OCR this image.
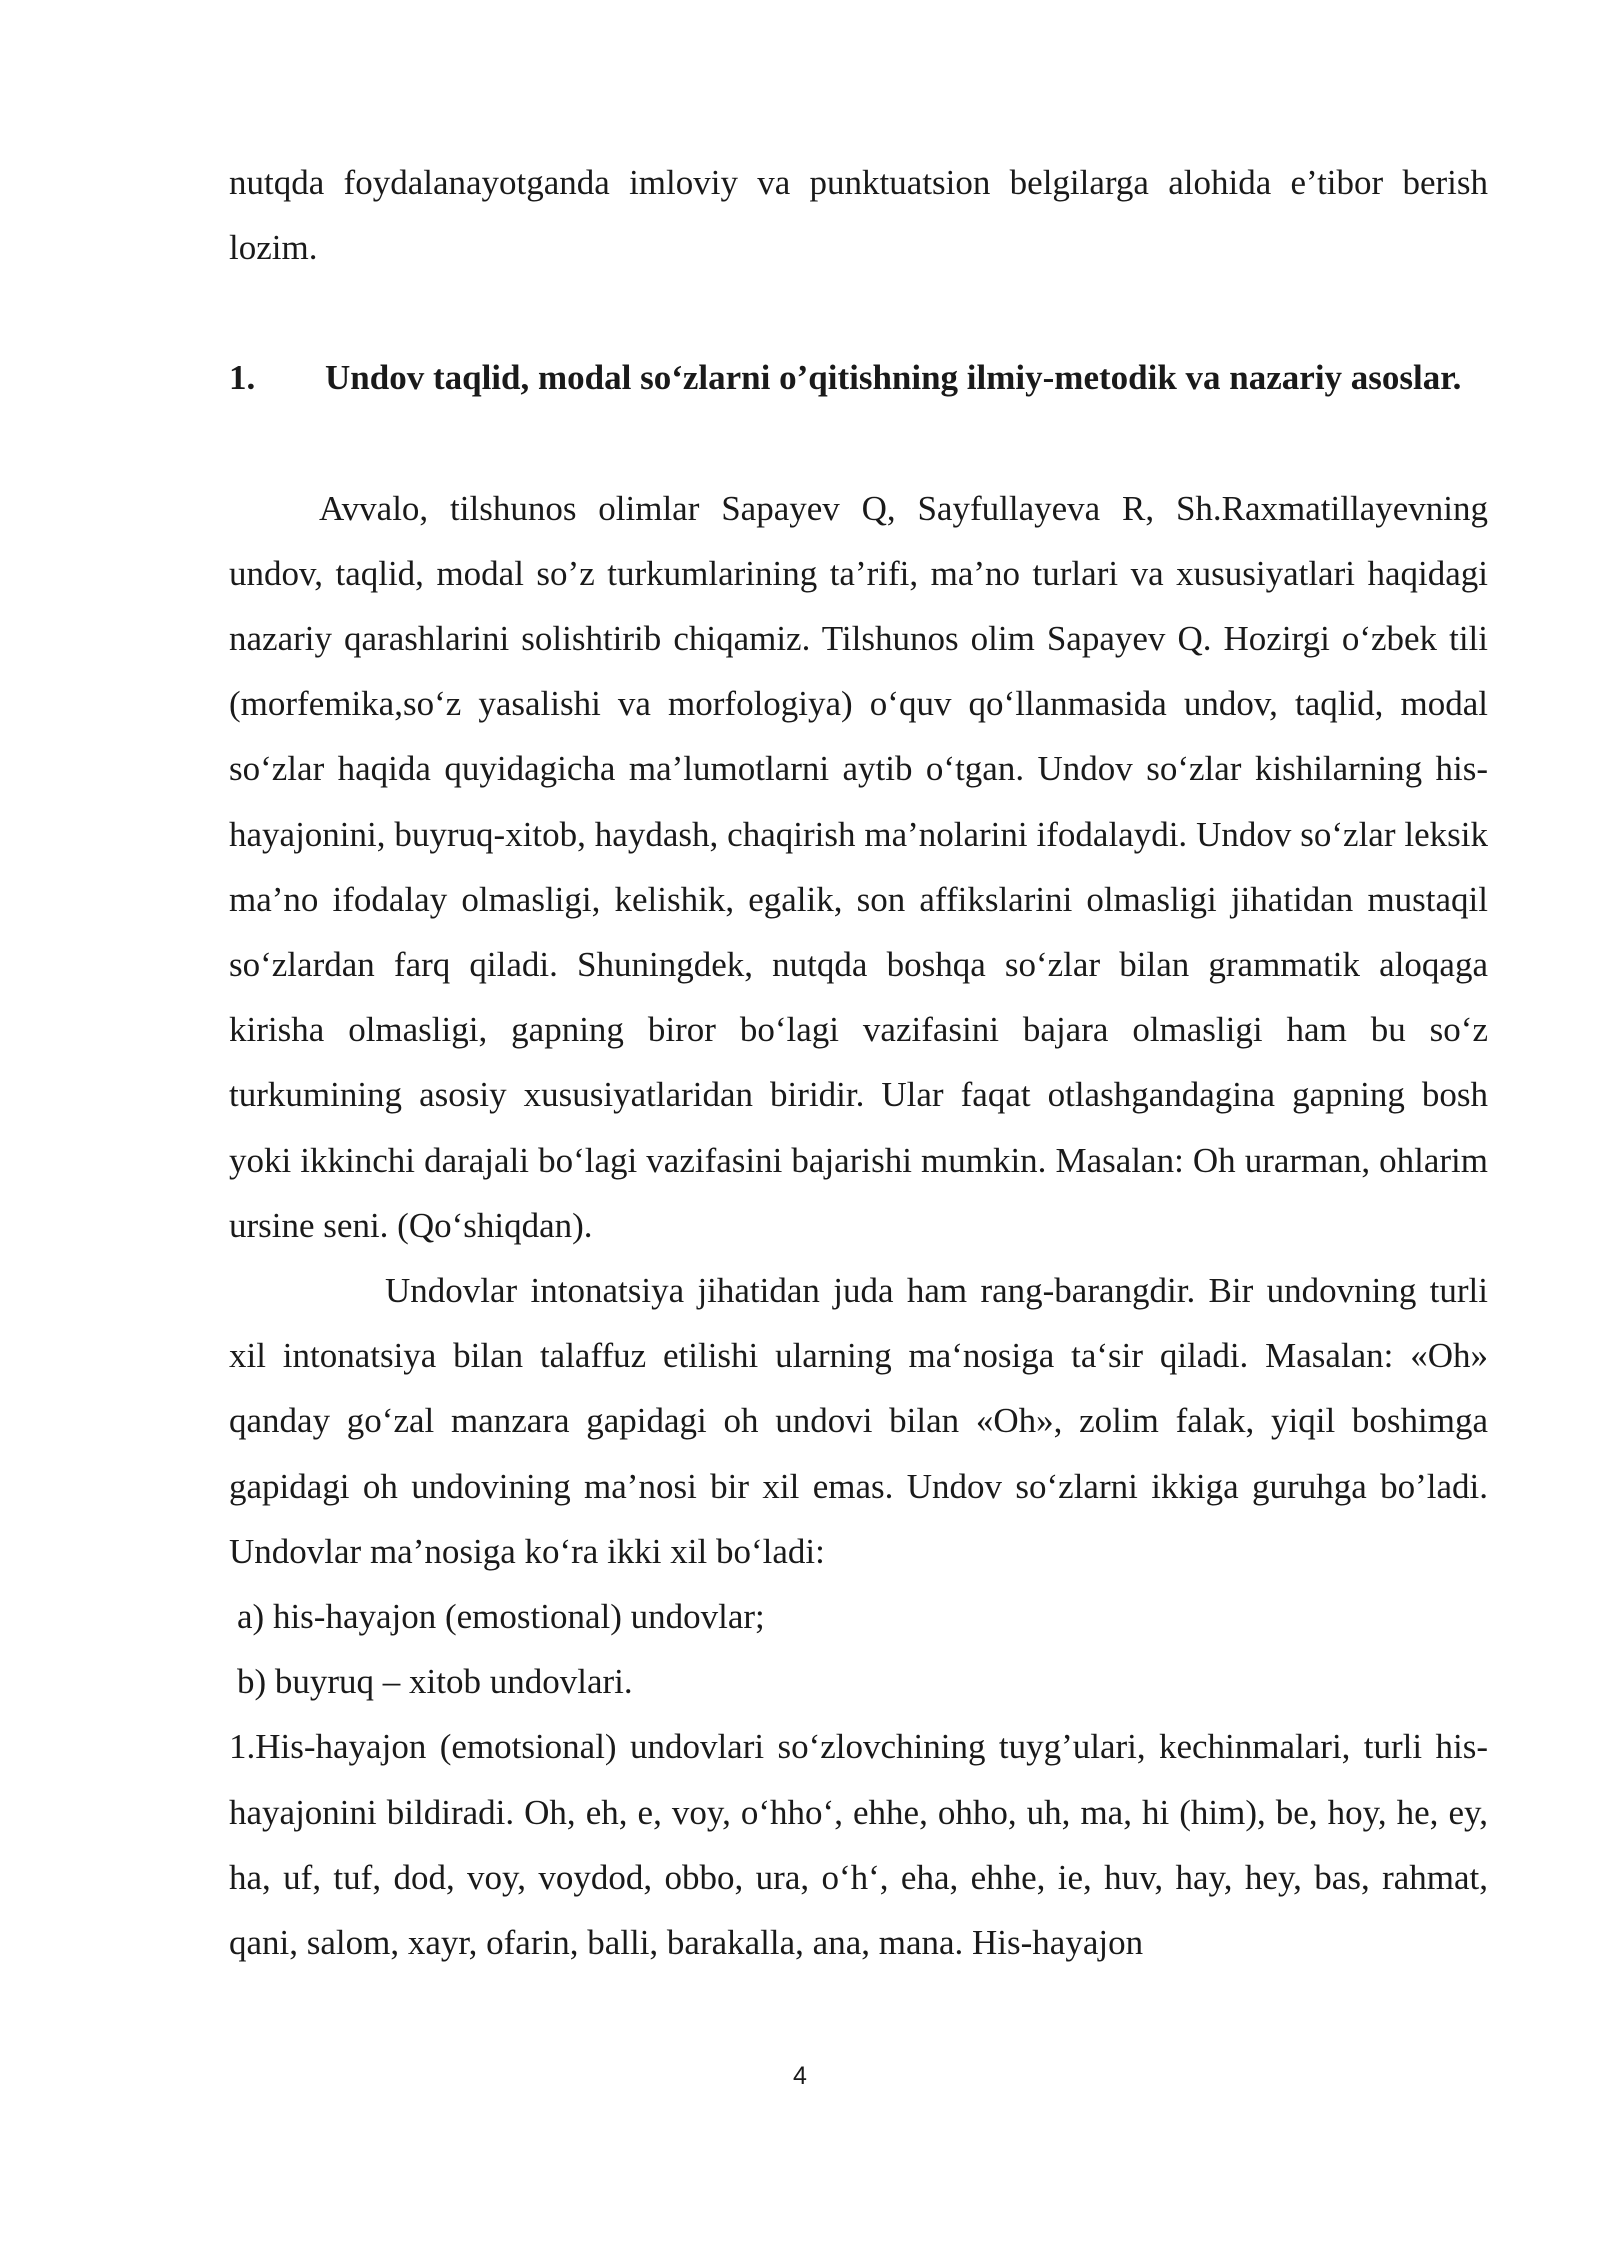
nutqda foydalanayotganda imloviy va punktuatsion belgilarga alohida e’tibor berish lozim.

1. Undov taqlid, modal so‘zlarni o’qitishning ilmiy-metodik va nazariy asoslar.

Avvalo, tilshunos olimlar Sapayev Q, Sayfullayeva R, Sh.Raxmatillayevning undov, taqlid, modal so’z turkumlarining ta’rifi, ma’no turlari va xususiyatlari haqidagi nazariy qarashlarini solishtirib chiqamiz. Tilshunos olim Sapayev Q. Hozirgi o‘zbek tili (morfemika,so‘z yasalishi va morfologiya) o‘quv qo‘llanmasida undov, taqlid, modal so‘zlar haqida quyidagicha ma’lumotlarni aytib o‘tgan. Undov so‘zlar kishilarning his-hayajonini, buyruq-xitob, haydash, chaqirish ma’nolarini ifodalaydi. Undov so‘zlar leksik ma’no ifodalay olmasligi, kelishik, egalik, son affikslarini olmasligi jihatidan mustaqil so‘zlardan farq qiladi. Shuningdek, nutqda boshqa so‘zlar bilan grammatik aloqaga kirisha olmasligi, gapning biror bo‘lagi vazifasini bajara olmasligi ham bu so‘z turkumining asosiy xususiyatlaridan biridir. Ular faqat otlashgandagina gapning bosh yoki ikkinchi darajali bo‘lagi vazifasini bajarishi mumkin. Masalan: Oh urarman, ohlarim ursine seni. (Qo‘shiqdan).

Undovlar intonatsiya jihatidan juda ham rang-barangdir. Bir undovning turli xil intonatsiya bilan talaffuz etilishi ularning ma‘nosiga ta‘sir qiladi. Masalan: «Oh» qanday go‘zal manzara gapidagi oh undovi bilan «Oh», zolim falak, yiqil boshimga gapidagi oh undovining ma’nosi bir xil emas. Undov so‘zlarni ikkiga guruhga bo’ladi. Undovlar ma’nosiga ko‘ra ikki xil bo‘ladi:

a) his-hayajon (emostional) undovlar;

b) buyruq – xitob undovlari.

1.His-hayajon (emotsional) undovlari so‘zlovchining tuyg’ulari, kechinmalari, turli his-hayajonini bildiradi. Oh, eh, e, voy, o‘hho‘, ehhe, ohho, uh, ma, hi (him), be, hoy, he, ey, ha, uf, tuf, dod, voy, voydod, obbo, ura, o‘h‘, eha, ehhe, ie, huv, hay, hey, bas, rahmat, qani, salom, xayr, ofarin, balli, barakalla, ana, mana. His-hayajon

4
